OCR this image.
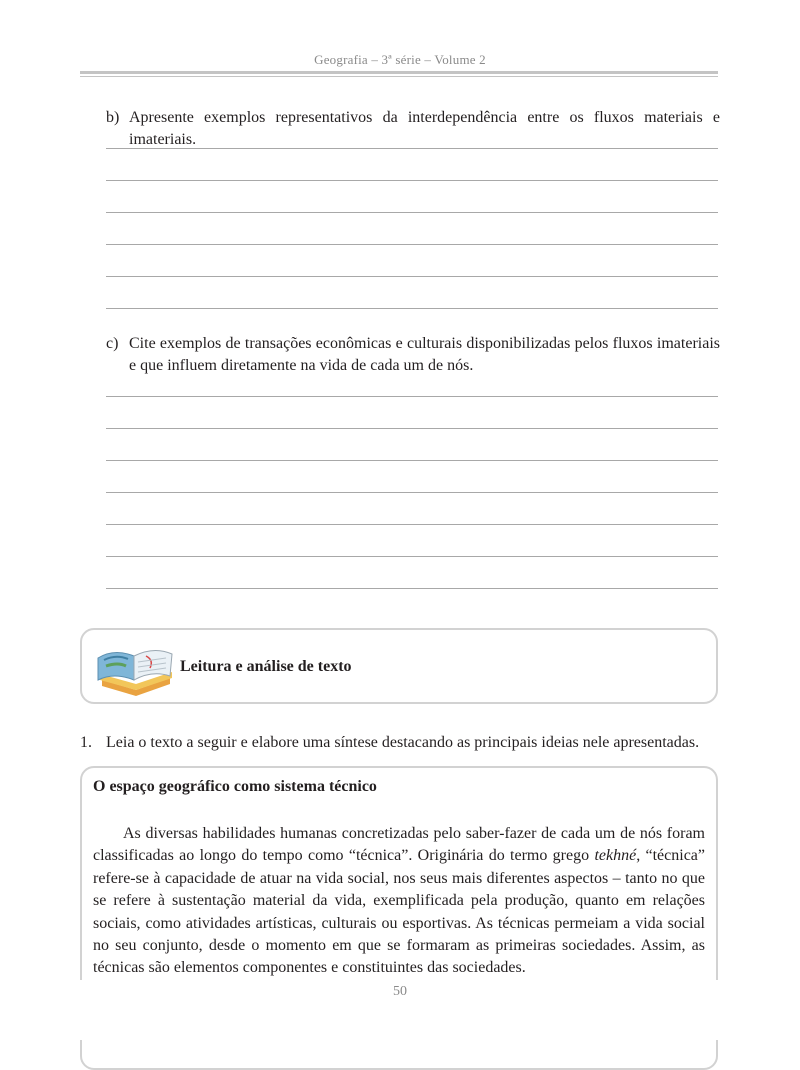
Geografia – 3ª série – Volume 2
b) Apresente exemplos representativos da interdependência entre os fluxos materiais e imateriais.
c) Cite exemplos de transações econômicas e culturais disponibilizadas pelos fluxos imateriais e que influem diretamente na vida de cada um de nós.
Leitura e análise de texto
1. Leia o texto a seguir e elabore uma síntese destacando as principais ideias nele apresentadas.
O espaço geográfico como sistema técnico

As diversas habilidades humanas concretizadas pelo saber-fazer de cada um de nós foram classificadas ao longo do tempo como “técnica”. Originária do termo grego tekhné, “técnica” refere-se à capacidade de atuar na vida social, nos seus mais diferentes aspectos – tanto no que se refere à sustentação material da vida, exemplificada pela produção, quanto em relações sociais, como atividades artísticas, culturais ou esportivas. As técnicas permeiam a vida social no seu conjunto, desde o momento em que se formaram as primeiras sociedades. Assim, as técnicas são elementos componentes e constituintes das sociedades.

50
